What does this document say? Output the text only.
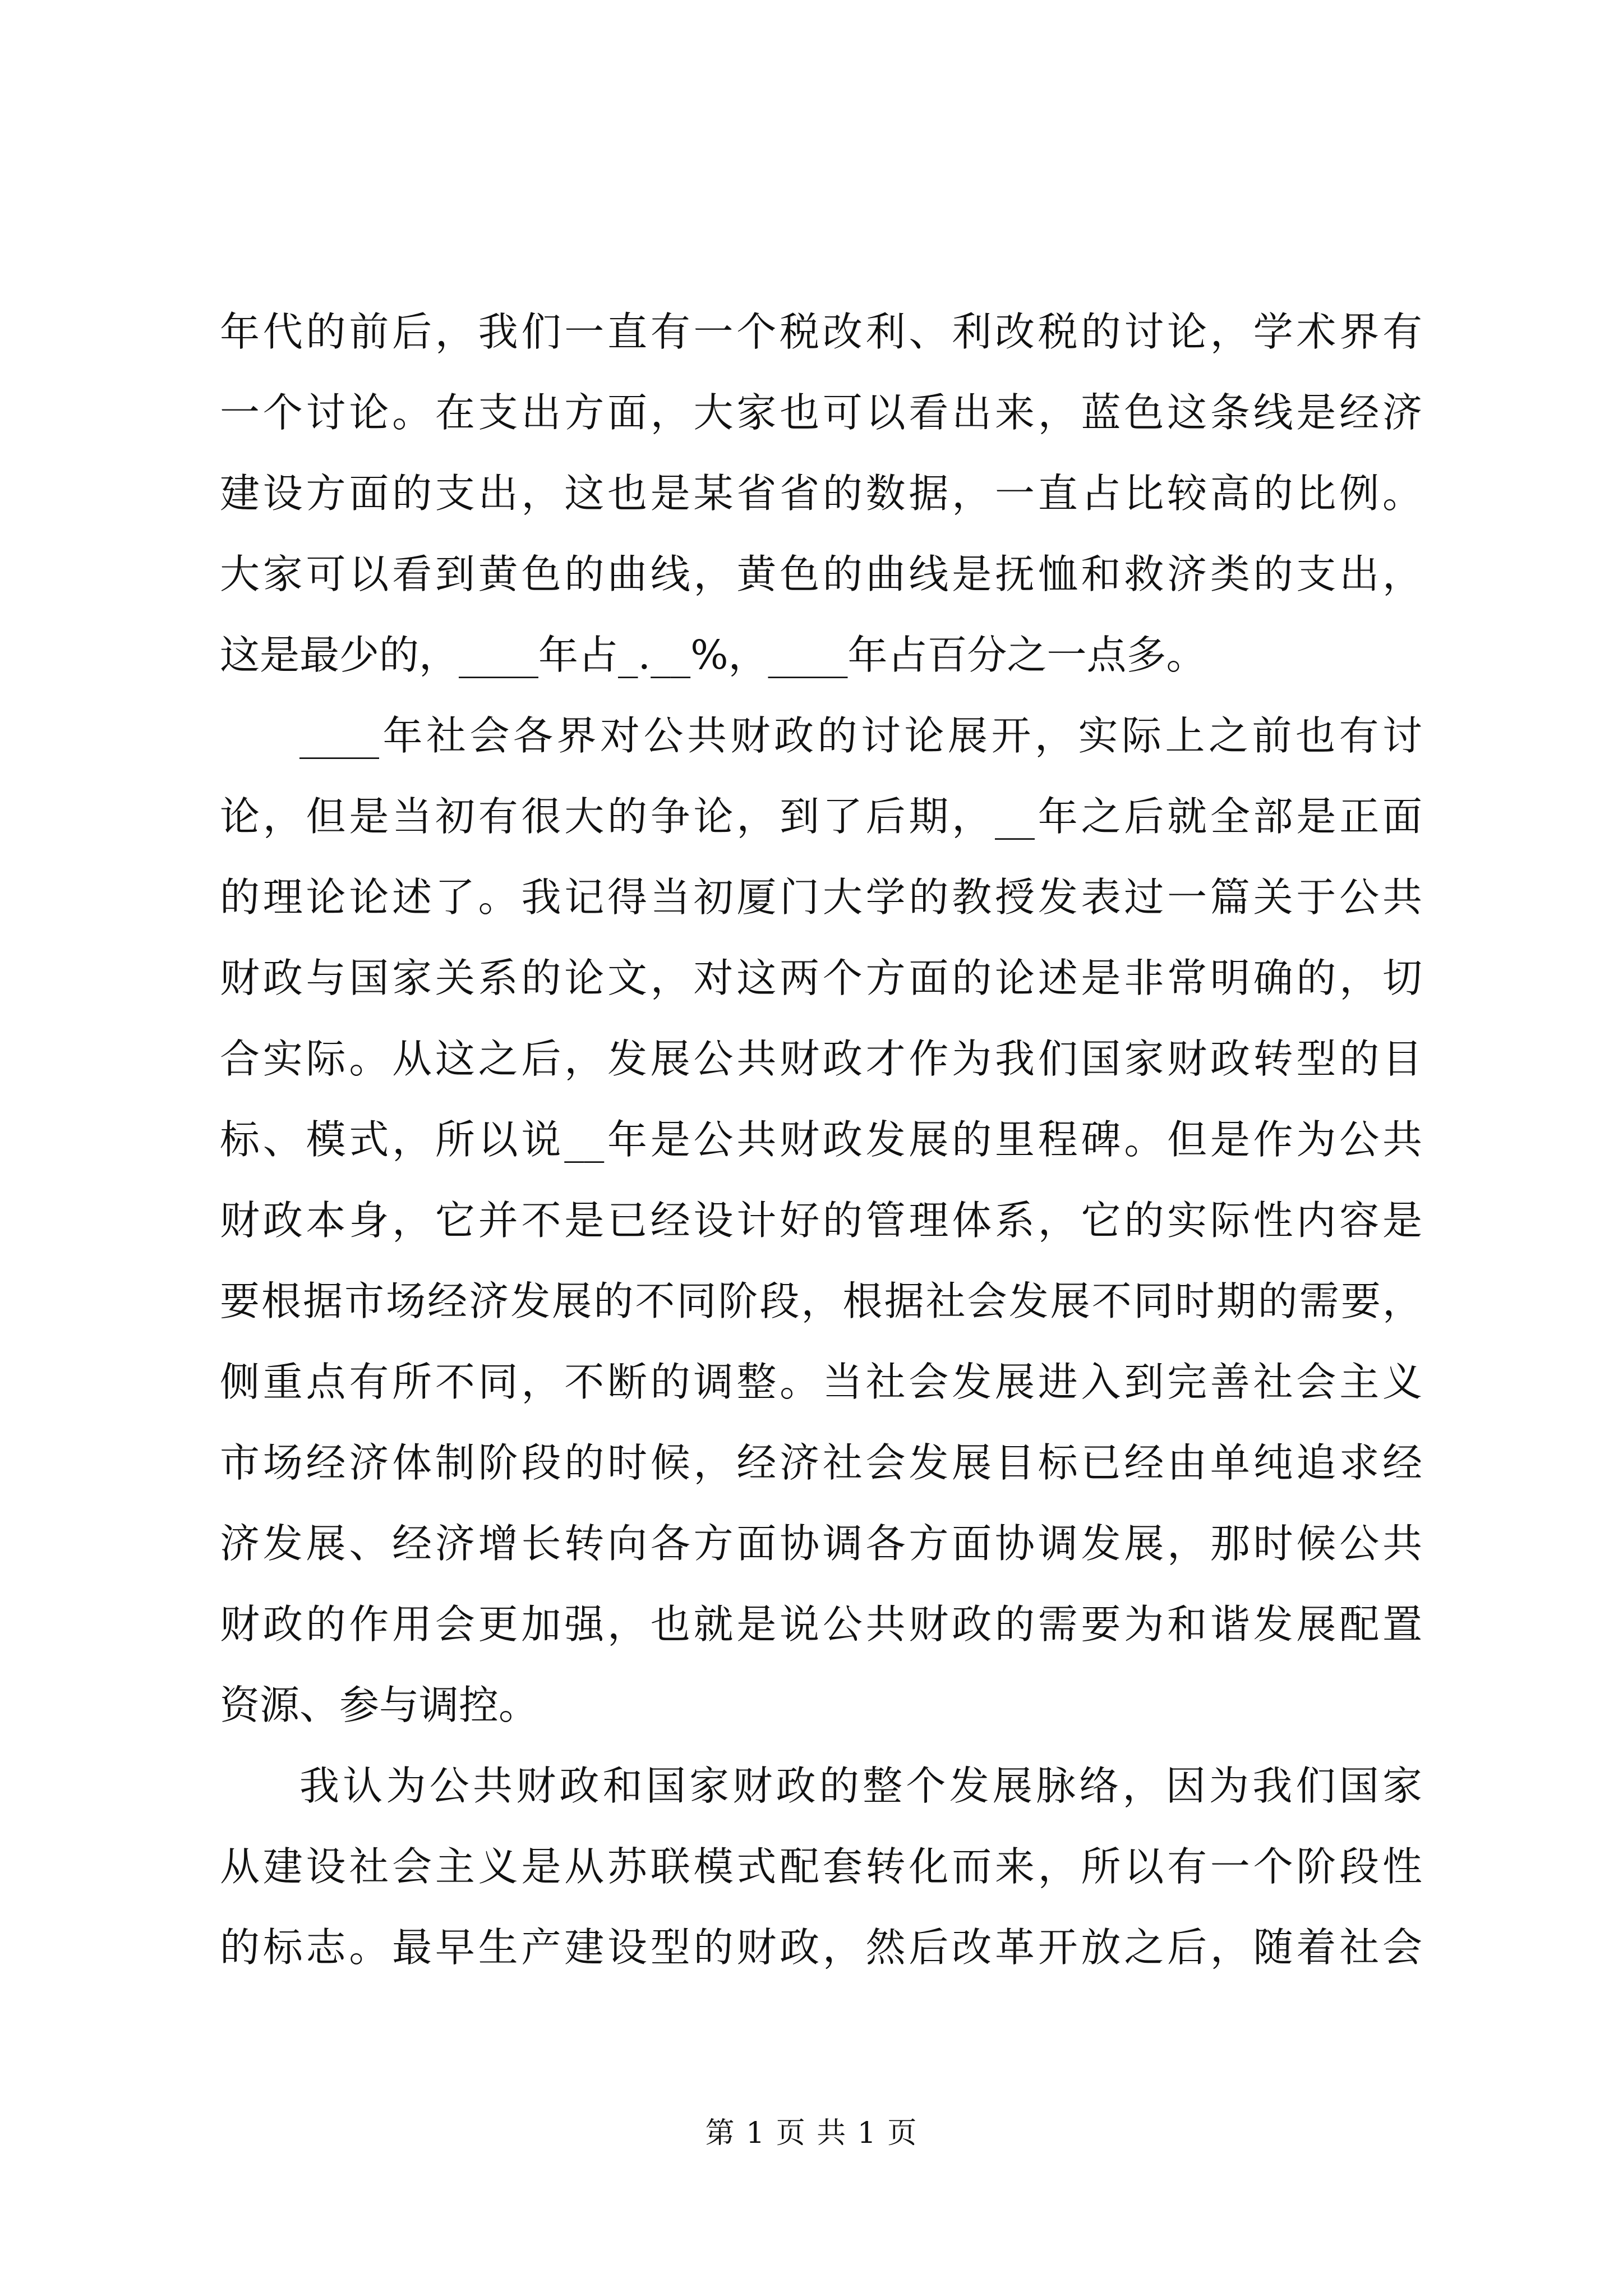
年代的前后，我们一直有一个税改利、利改税的讨论，学术界有
一个讨论。在支出方面，大家也可以看出来，蓝色这条线是经济
建设方面的支出，这也是某省省的数据，一直占比较高的比例。
大家可以看到黄色的曲线，黄色的曲线是抚恤和救济类的支出，
这是最少的，____年占_.__%，____年占百分之一点多。
____年社会各界对公共财政的讨论展开，实际上之前也有讨
论，但是当初有很大的争论，到了后期，__年之后就全部是正面
的理论论述了。我记得当初厦门大学的教授发表过一篇关于公共
财政与国家关系的论文，对这两个方面的论述是非常明确的，切
合实际。从这之后，发展公共财政才作为我们国家财政转型的目
标、模式，所以说__年是公共财政发展的里程碑。但是作为公共
财政本身，它并不是已经设计好的管理体系，它的实际性内容是
要根据市场经济发展的不同阶段，根据社会发展不同时期的需要，
侧重点有所不同，不断的调整。当社会发展进入到完善社会主义
市场经济体制阶段的时候，经济社会发展目标已经由单纯追求经
济发展、经济增长转向各方面协调各方面协调发展，那时候公共
财政的作用会更加强，也就是说公共财政的需要为和谐发展配置
资源、参与调控。
我认为公共财政和国家财政的整个发展脉络，因为我们国家
从建设社会主义是从苏联模式配套转化而来，所以有一个阶段性
的标志。最早生产建设型的财政，然后改革开放之后，随着社会
第 1 页 共 1 页
